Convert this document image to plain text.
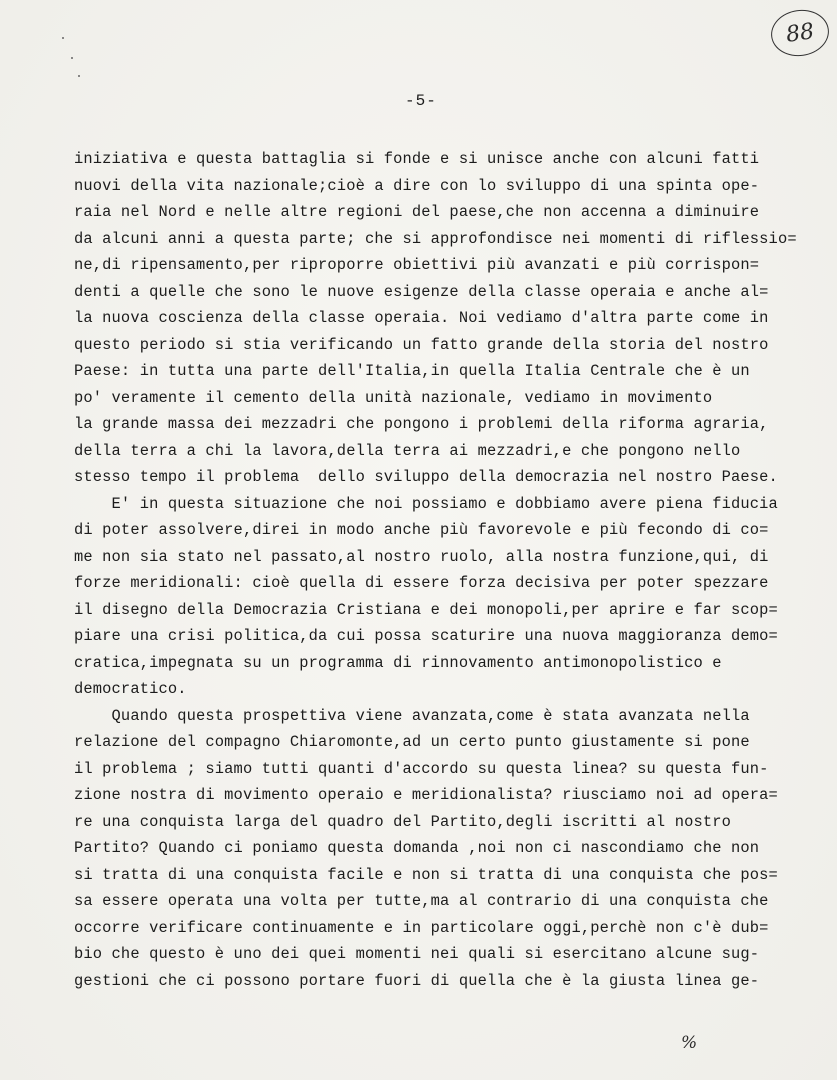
88
-5-
iniziativa e questa battaglia si fonde e si unisce anche con alcuni fatti
nuovi della vita nazionale;cioè a dire con lo sviluppo di una spinta ope-
raia nel Nord e nelle altre regioni del paese,che non accenna a diminuire
da alcuni anni a questa parte; che si approfondisce nei momenti di riflessio=
ne,di ripensamento,per riproporre obiettivi più avanzati e più corrispon=
denti a quelle che sono le nuove esigenze della classe operaia e anche al=
la nuova coscienza della classe operaia. Noi vediamo d'altra parte come in
questo periodo si stia verificando un fatto grande della storia del nostro
Paese: in tutta una parte dell'Italia,in quella Italia Centrale che è un
po' veramente il cemento della unità nazionale, vediamo in movimento
la grande massa dei mezzadri che pongono i problemi della riforma agraria,
della terra a chi la lavora,della terra ai mezzadri,e che pongono nello
stesso tempo il problema  dello sviluppo della democrazia nel nostro Paese.
E' in questa situazione che noi possiamo e dobbiamo avere piena fiducia
di poter assolvere,direi in modo anche più favorevole e più fecondo di co=
me non sia stato nel passato,al nostro ruolo, alla nostra funzione,qui, di
forze meridionali: cioè quella di essere forza decisiva per poter spezzare
il disegno della Democrazia Cristiana e dei monopoli,per aprire e far scop=
piare una crisi politica,da cui possa scaturire una nuova maggioranza demo=
cratica,impegnata su un programma di rinnovamento antimonopolistico e
democratico.
Quando questa prospettiva viene avanzata,come è stata avanzata nella
relazione del compagno Chiaromonte,ad un certo punto giustamente si pone
il problema ; siamo tutti quanti d'accordo su questa linea? su questa fun-
zione nostra di movimento operaio e meridionalista? riusciamo noi ad opera=
re una conquista larga del quadro del Partito,degli iscritti al nostro
Partito? Quando ci poniamo questa domanda ,noi non ci nascondiamo che non
si tratta di una conquista facile e non si tratta di una conquista che pos=
sa essere operata una volta per tutte,ma al contrario di una conquista che
occorre verificare continuamente e in particolare oggi,perchè non c'è dub=
bio che questo è uno dei quei momenti nei quali si esercitano alcune sug-
gestioni che ci possono portare fuori di quella che è la giusta linea ge-
%
